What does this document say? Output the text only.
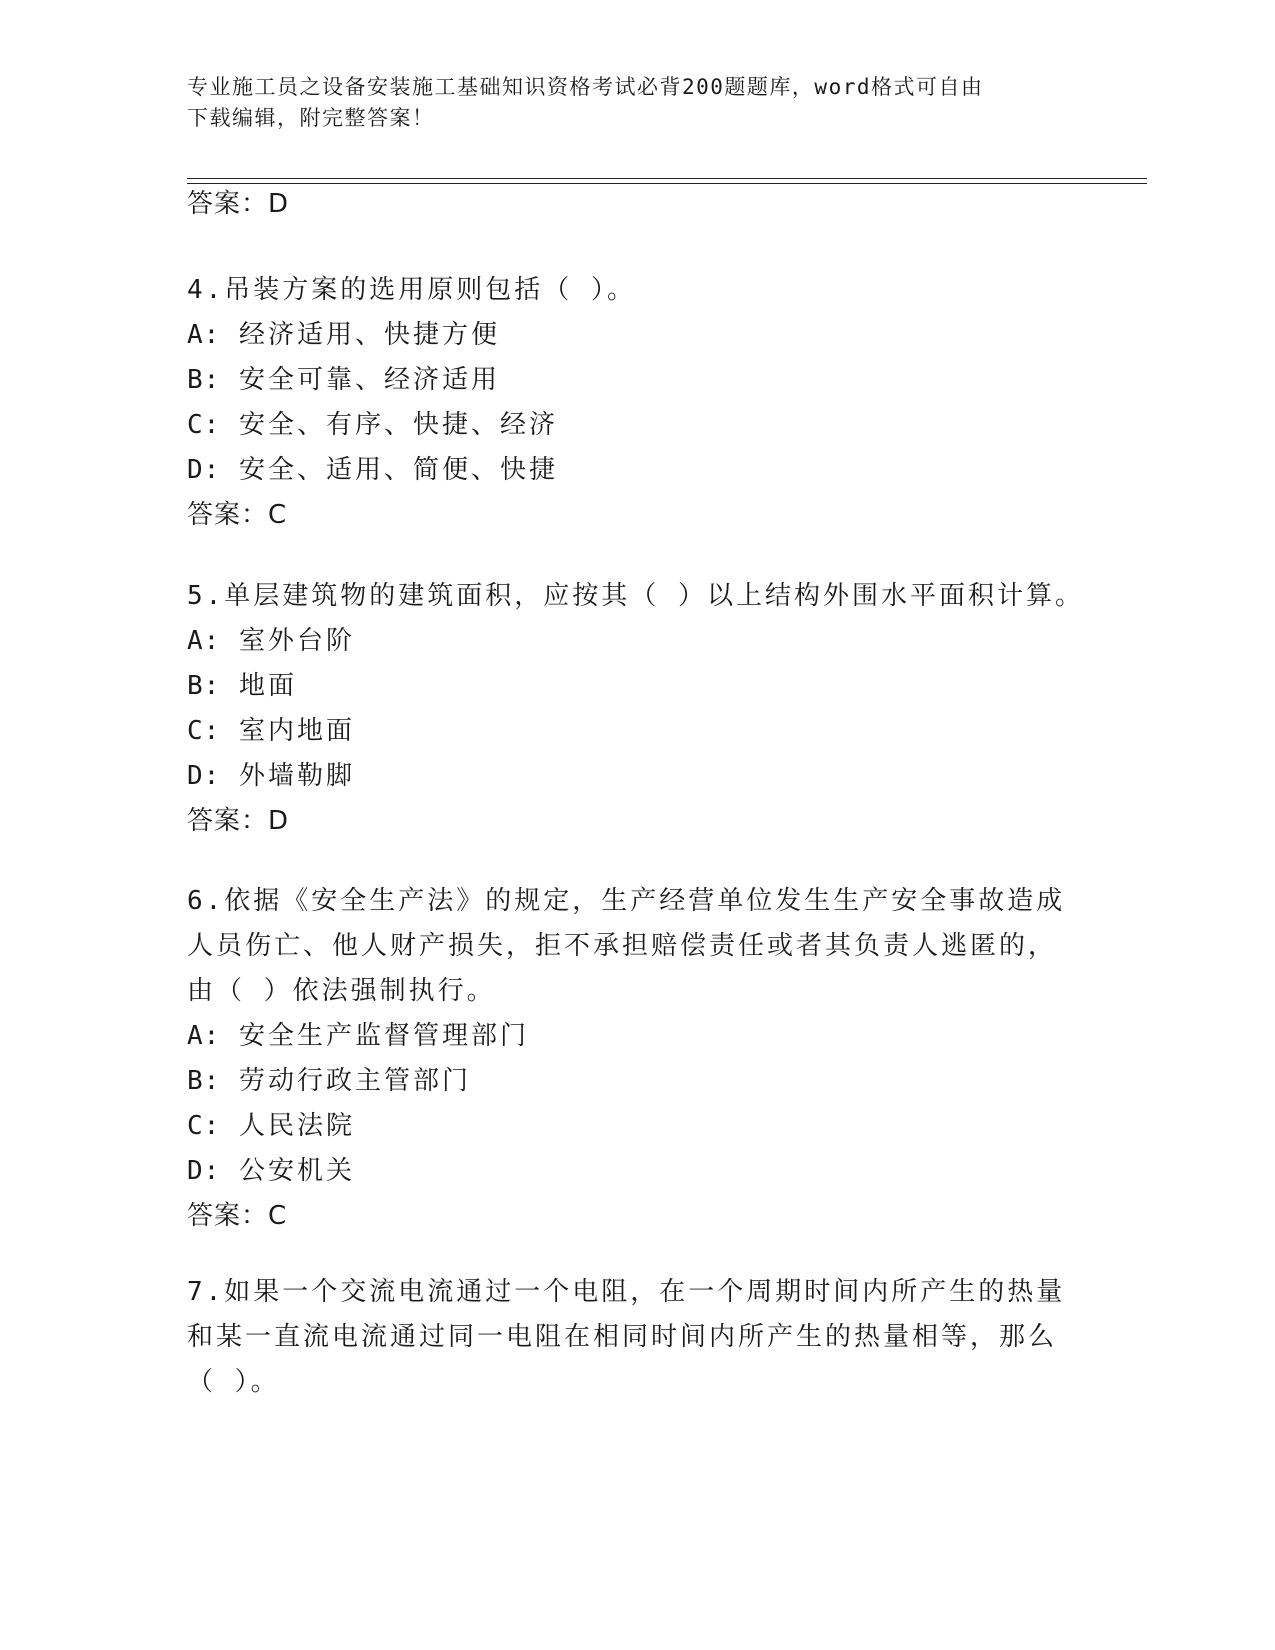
专业施工员之设备安装施工基础知识资格考试必背200题题库，word格式可自由
下载编辑，附完整答案！
答案：D
4.吊装方案的选用原则包括（ ）。
A: 经济适用、快捷方便
B: 安全可靠、经济适用
C: 安全、有序、快捷、经济
D: 安全、适用、简便、快捷
答案：C
5.单层建筑物的建筑面积，应按其（ ）以上结构外围水平面积计算。
A: 室外台阶
B: 地面
C: 室内地面
D: 外墙勒脚
答案：D
6.依据《安全生产法》的规定，生产经营单位发生生产安全事故造成
人员伤亡、他人财产损失，拒不承担赔偿责任或者其负责人逃匿的，
由（ ）依法强制执行。
A: 安全生产监督管理部门
B: 劳动行政主管部门
C: 人民法院
D: 公安机关
答案：C
7.如果一个交流电流通过一个电阻，在一个周期时间内所产生的热量
和某一直流电流通过同一电阻在相同时间内所产生的热量相等，那么
（ ）。
